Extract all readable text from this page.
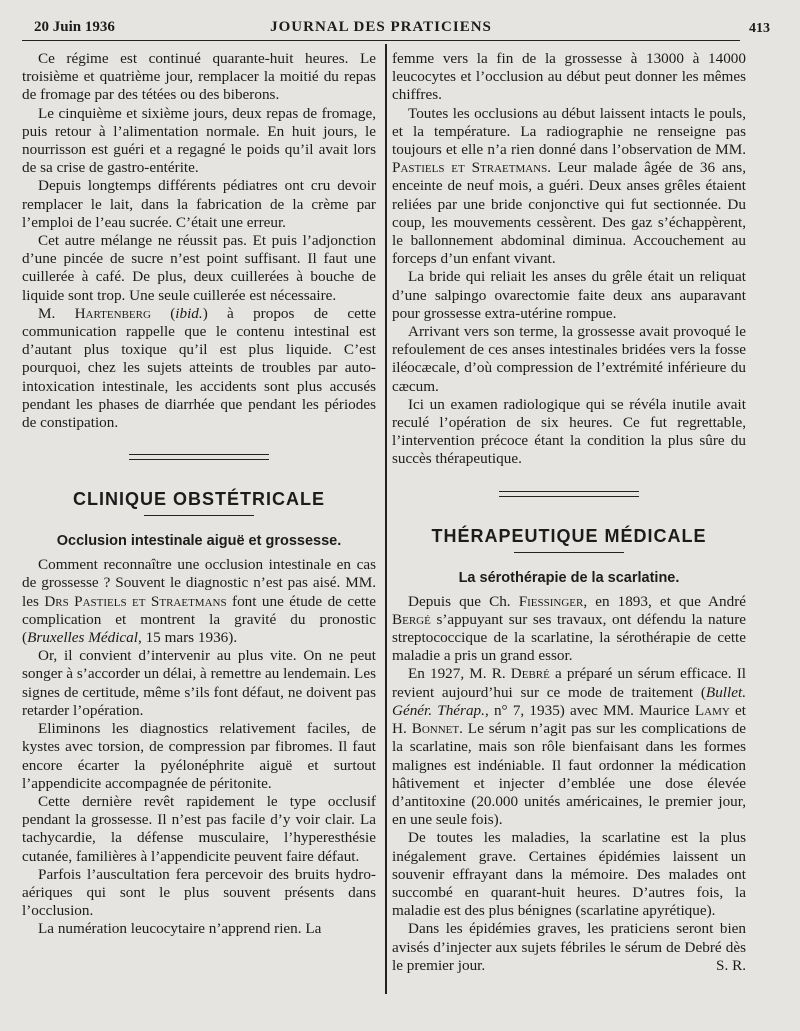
20 Juin 1936	JOURNAL DES PRATICIENS	413

Ce régime est continué quarante-huit heures. Le troisième et quatrième jour, remplacer la moitié du repas de fromage par des tétées ou des biberons.

Le cinquième et sixième jours, deux repas de fromage, puis retour à l’alimentation normale. En huit jours, le nourrisson est guéri et a regagné le poids qu’il avait lors de sa crise de gastro-entérite.

Depuis longtemps différents pédiatres ont cru devoir remplacer le lait, dans la fabrication de la crème par l’emploi de l’eau sucrée. C’était une erreur.

Cet autre mélange ne réussit pas. Et puis l’adjonction d’une pincée de sucre n’est point suffisant. Il faut une cuillerée à café. De plus, deux cuillerées à bouche de liquide sont trop. Une seule cuillerée est nécessaire.

M. Hartenberg (ibid.) à propos de cette communication rappelle que le contenu intestinal est d’autant plus toxique qu’il est plus liquide. C’est pourquoi, chez les sujets atteints de troubles par auto-intoxication intestinale, les accidents sont plus accusés pendant les phases de diarrhée que pendant les périodes de constipation.

CLINIQUE OBSTÉTRICALE
Occlusion intestinale aiguë et grossesse.

Comment reconnaître une occlusion intestinale en cas de grossesse ? Souvent le diagnostic n’est pas aisé. MM. les Drs Pastiels et Straetmans font une étude de cette complication et montrent la gravité du pronostic (Bruxelles Médical, 15 mars 1936).

Or, il convient d’intervenir au plus vite. On ne peut songer à s’accorder un délai, à remettre au lendemain. Les signes de certitude, même s’ils font défaut, ne doivent pas retarder l’opération.

Eliminons les diagnostics relativement faciles, de kystes avec torsion, de compression par fibromes. Il faut encore écarter la pyélonéphrite aiguë et surtout l’appendicite accompagnée de péritonite.

Cette dernière revêt rapidement le type occlusif pendant la grossesse. Il n’est pas facile d’y voir clair. La tachycardie, la défense musculaire, l’hyperesthésie cutanée, familières à l’appendicite peuvent faire défaut.

Parfois l’auscultation fera percevoir des bruits hydro-aériques qui sont le plus souvent présents dans l’occlusion.

La numération leucocytaire n’apprend rien. La

femme vers la fin de la grossesse à 13000 à 14000 leucocytes et l’occlusion au début peut donner les mêmes chiffres.

Toutes les occlusions au début laissent intacts le pouls, et la température. La radiographie ne renseigne pas toujours et elle n’a rien donné dans l’observation de MM. Pastiels et Straetmans. Leur malade âgée de 36 ans, enceinte de neuf mois, a guéri. Deux anses grêles étaient reliées par une bride conjonctive qui fut sectionnée. Du coup, les mouvements cessèrent. Des gaz s’échappèrent, le ballonnement abdominal diminua. Accouchement au forceps d’un enfant vivant.

La bride qui reliait les anses du grêle était un reliquat d’une salpingo ovarectomie faite deux ans auparavant pour grossesse extra-utérine rompue.

Arrivant vers son terme, la grossesse avait provoqué le refoulement de ces anses intestinales bridées vers la fosse iléocæcale, d’où compression de l’extrémité inférieure du cæcum.

Ici un examen radiologique qui se révéla inutile avait reculé l’opération de six heures. Ce fut regrettable, l’intervention précoce étant la condition la plus sûre du succès thérapeutique.

THÉRAPEUTIQUE MÉDICALE
La sérothérapie de la scarlatine.

Depuis que Ch. Fiessinger, en 1893, et que André Bergé s’appuyant sur ses travaux, ont défendu la nature streptococcique de la scarlatine, la sérothérapie de cette maladie a pris un grand essor.

En 1927, M. R. Debré a préparé un sérum efficace. Il revient aujourd’hui sur ce mode de traitement (Bullet. Génér. Thérap., n° 7, 1935) avec MM. Maurice Lamy et H. Bonnet. Le sérum n’agit pas sur les complications de la scarlatine, mais son rôle bienfaisant dans les formes malignes est indéniable. Il faut ordonner la médication hâtivement et injecter d’emblée une dose élevée d’antitoxine (20.000 unités américaines, le premier jour, en une seule fois).

De toutes les maladies, la scarlatine est la plus inégalement grave. Certaines épidémies laissent un souvenir effrayant dans la mémoire. Des malades ont succombé en quarant-huit heures. D’autres fois, la maladie est des plus bénignes (scarlatine apyrétique).

Dans les épidémies graves, les praticiens seront bien avisés d’injecter aux sujets fébriles le sérum de Debré dès le premier jour.	S. R.
